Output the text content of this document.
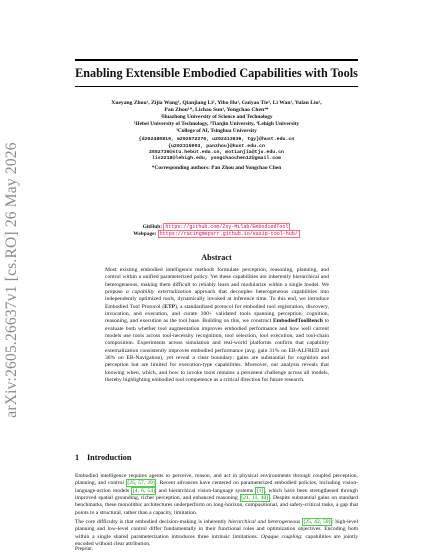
arXiv:2605.26637v1 [cs.RO] 26 May 2026
Enabling Extensible Embodied Capabilities with Tools
Xueyang Zhou¹, Zijia Wang¹, Qianjiang Li², Yibo Hu¹, Guiyao Tie¹, Li Wan¹, Yulan Liu¹,
Pan Zhou¹*, Lichao Sun³, Yongchao Chen⁴*
¹Huazhong University of Science and Technology
²Hebei University of Technology, ³Tianjin University, ⁴Lehigh University
⁵College of AI, Tsinghua University
{d202480819, m202572276, u202413636, tgy}@hust.edu.cn
{u202315003, panzhou}@hust.edu.cn
2552730@stu.hebut.edu.cn, motianjia@tju.edu.cn
lis2218@lehigh.edu, yongchaochen12@gmail.com
*Corresponding authors: Pan Zhou and Yongchao Chen
GitHub: https://github.com/Zxy-MLlab/EmbodiedTool
Webpage: https://racingmepsrr.github.io/easip-tool-hub/
Abstract
Most existing embodied intelligence methods formulate perception, reasoning, planning, and control within a unified parameterized policy. Yet these capabilities are inherently hierarchical and heterogeneous, making them difficult to reliably learn and modularize within a single model. We propose a capability externalization approach that decouples heterogeneous capabilities into independently optimized tools, dynamically invoked at inference time. To this end, we introduce Embodied Tool Protocol (ETP), a standardized protocol for embodied tool registration, discovery, invocation, and execution, and curate 100+ validated tools spanning perception, cognition, reasoning, and execution as the tool base. Building on this, we construct EmbodiedToolBench to evaluate both whether tool augmentation improves embodied performance and how well current models use tools across tool-necessity recognition, tool selection, tool execution, and tool-chain composition. Experiments across simulation and real-world platforms confirm that capability externalization consistently improves embodied performance (avg. gain 31% on EB-ALFRED and 36% on EB-Navigation), yet reveal a clear boundary: gains are substantial for cognition and perception but are limited for execution-type capabilities. Moreover, our analysis reveals that knowing when, which, and how to invoke tools remains a persistent challenge across all models, thereby highlighting embodied tool competence as a critical direction for future research.
1 Introduction
Embodied intelligence requires agents to perceive, reason, and act in physical environments through coupled perception, planning, and control [25, 57, 39] . Recent advances have centered on parameterized embodied policies, including vision-language-action models [4, 6, 54] and hierarchical vision-language systems [1] , which have been strengthened through improved spatial grounding, richer perception, and enhanced reasoning [21, 11, 40] . Despite substantial gains on standard benchmarks, these monolithic architectures underperform on long-horizon, compositional, and safety-critical tasks, a gap that points to a structural, rather than a capacity, limitation.
The core difficulty is that embodied decision-making is inherently hierarchical and heterogeneous [25, 42, 59] : high-level planning and low-level control differ fundamentally in their functional roles and optimization objectives. Encoding both within a single shared parameterization introduces three intrinsic limitations. Opaque coupling: capabilities are jointly encoded without clear attribution,
Preprint.
